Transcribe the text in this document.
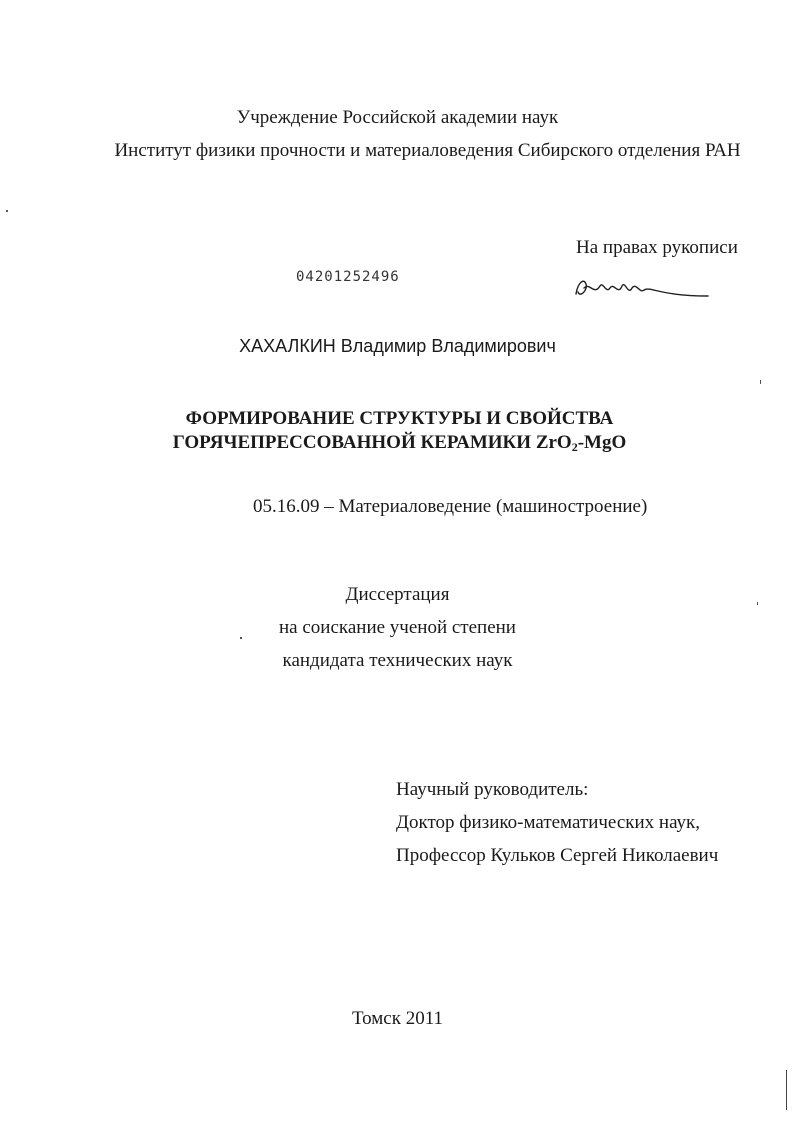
Учреждение Российской академии наук
Институт физики прочности и материаловедения Сибирского отделения РАН
На правах рукописи
04201252496
ХАХАЛКИН Владимир Владимирович
ФОРМИРОВАНИЕ СТРУКТУРЫ И СВОЙСТВА
ГОРЯЧЕПРЕССОВАННОЙ КЕРАМИКИ ZrO$_2$-MgO
05.16.09 – Материаловедение (машиностроение)
Диссертация
на соискание ученой степени
кандидата технических наук
Научный руководитель:
Доктор физико-математических наук,
Профессор Кульков Сергей Николаевич
Томск 2011
